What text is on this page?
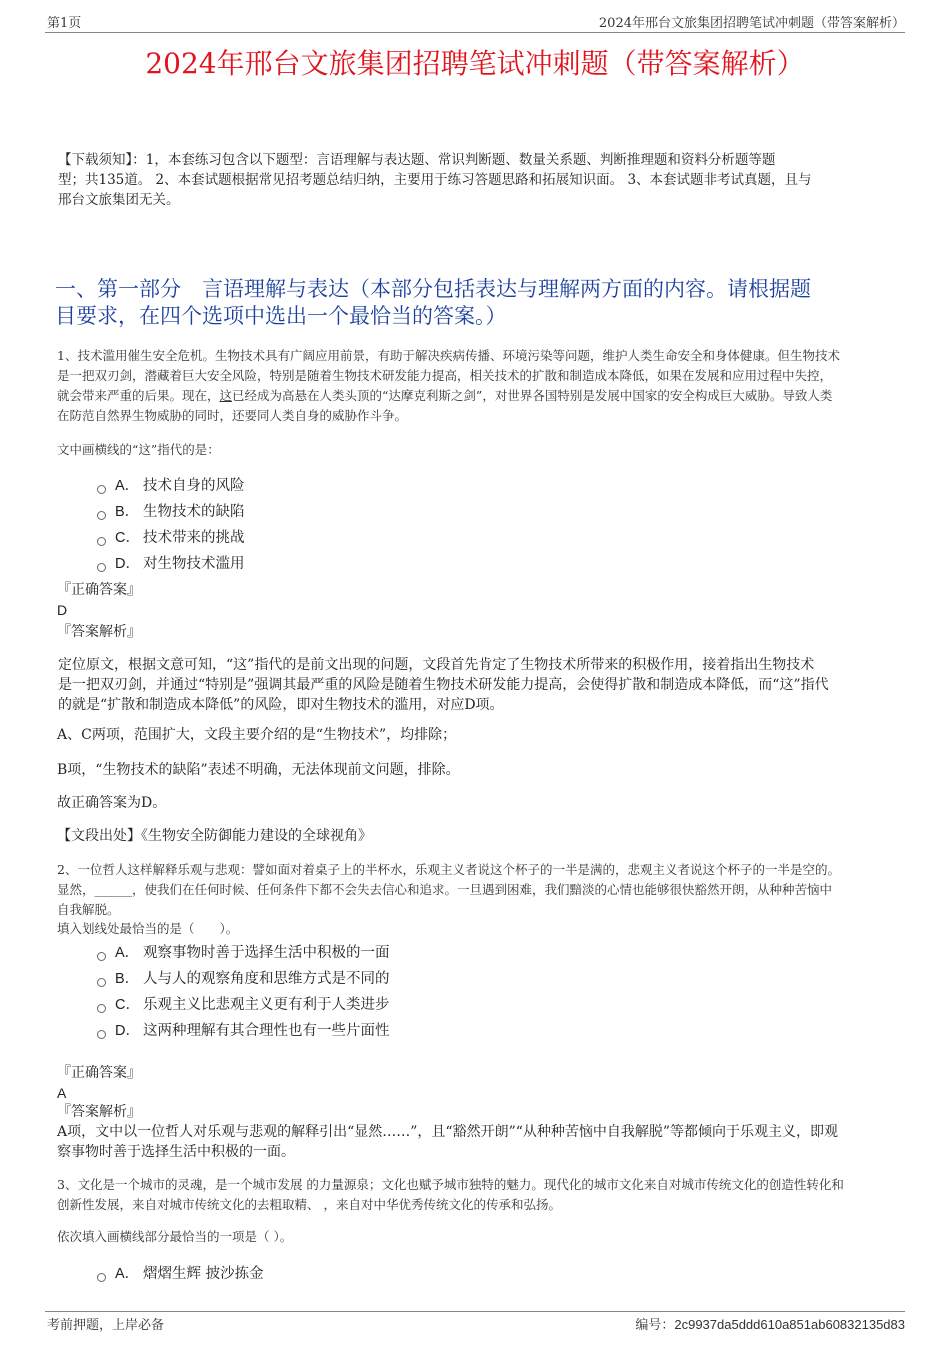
第1页	2024年邢台文旅集团招聘笔试冲刺题（带答案解析）
2024年邢台文旅集团招聘笔试冲刺题（带答案解析）
【下载须知】：1，本套练习包含以下题型：言语理解与表达题、常识判断题、数量关系题、判断推理题和资料分析题等题
型；共135道。 2、本套试题根据常见招考题总结归纳，主要用于练习答题思路和拓展知识面。 3、本套试题非考试真题，且与
邢台文旅集团无关。
一、第一部分　言语理解与表达（本部分包括表达与理解两方面的内容。请根据题
目要求，在四个选项中选出一个最恰当的答案。）
1、技术滥用催生安全危机。生物技术具有广阔应用前景，有助于解决疾病传播、环境污染等问题，维护人类生命安全和身体健康。但生物技术
是一把双刃剑，潜藏着巨大安全风险，特别是随着生物技术研发能力提高，相关技术的扩散和制造成本降低，如果在发展和应用过程中失控，
就会带来严重的后果。现在，这已经成为高悬在人类头顶的“达摩克利斯之剑”，对世界各国特别是发展中国家的安全构成巨大威胁。导致人类
在防范自然界生物威胁的同时，还要同人类自身的威胁作斗争。
文中画横线的“这”指代的是：
A． 技术自身的风险
B． 生物技术的缺陷
C． 技术带来的挑战
D． 对生物技术滥用
『正确答案』
D
『答案解析』
定位原文，根据文意可知，“这”指代的是前文出现的问题，文段首先肯定了生物技术所带来的积极作用，接着指出生物技术
是一把双刃剑，并通过“特别是”强调其最严重的风险是随着生物技术研发能力提高，会使得扩散和制造成本降低，而“这”指代
的就是“扩散和制造成本降低”的风险，即对生物技术的滥用，对应D项。
A、C两项，范围扩大，文段主要介绍的是“生物技术”，均排除；
B项，“生物技术的缺陷”表述不明确，无法体现前文问题，排除。
故正确答案为D。
【文段出处】《生物安全防御能力建设的全球视角》
2、一位哲人这样解释乐观与悲观：譬如面对着桌子上的半杯水，乐观主义者说这个杯子的一半是满的，悲观主义者说这个杯子的一半是空的。
显然，______，使我们在任何时候、任何条件下都不会失去信心和追求。一旦遇到困难，我们黯淡的心情也能够很快豁然开朗，从种种苦恼中
自我解脱。
填入划线处最恰当的是（　　）。
A． 观察事物时善于选择生活中积极的一面
B． 人与人的观察角度和思维方式是不同的
C． 乐观主义比悲观主义更有利于人类进步
D． 这两种理解有其合理性也有一些片面性
『正确答案』
A
『答案解析』
A项，文中以一位哲人对乐观与悲观的解释引出“显然……”，且“豁然开朗”“从种种苦恼中自我解脱”等都倾向于乐观主义，即观
察事物时善于选择生活中积极的一面。
3、文化是一个城市的灵魂，是一个城市发展 的力量源泉；文化也赋予城市独特的魅力。现代化的城市文化来自对城市传统文化的创造性转化和
创新性发展，来自对城市传统文化的去粗取精、 ，来自对中华优秀传统文化的传承和弘扬。
依次填入画横线部分最恰当的一项是（ ）。
A． 熠熠生辉 披沙拣金
考前押题，上岸必备	编号：2c9937da5ddd610a851ab60832135d83
